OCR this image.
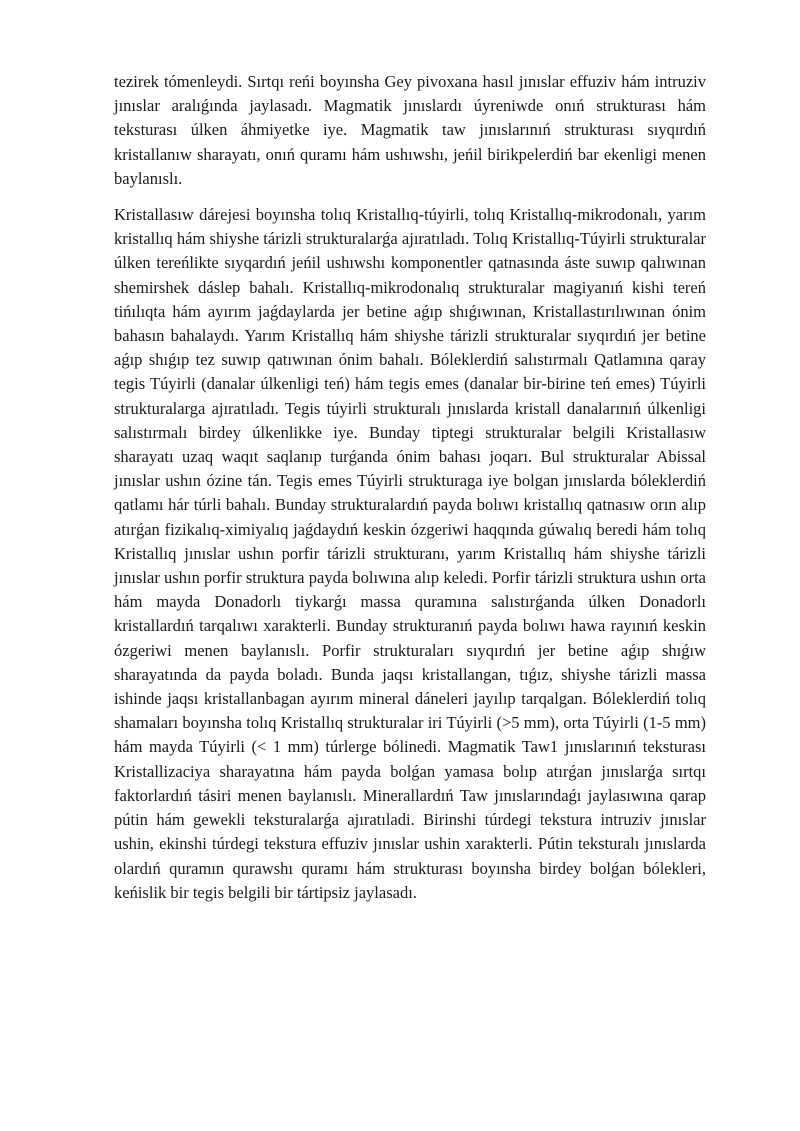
tezirek tómenleydi. Sırtqı reńi boyınsha Gey pivoxana hasıl jınıslar effuziv hám intruziv jınıslar aralıǵında jaylasadı. Magmatik jınıslardı úyreniwde onıń strukturası hám teksturası úlken áhmiyetke iye. Magmatik taw jınıslarınıń strukturası sıyqırdıń kristallanıw sharayatı, onıń quramı hám ushıwshı, jeńil birikpelerdiń bar ekenligi menen baylanıslı.

Kristallasıw dárejesi boyınsha tolıq Kristallıq-túyirli, tolıq Kristallıq-mikrodonalı, yarım kristallıq hám shiyshe tárizli strukturalarǵa ajıratıladı. Tolıq Kristallıq-Túyirli strukturalar úlken tereńlikte sıyqardıń jeńil ushıwshı komponentler qatnasında áste suwıp qalıwınan shemirshek dáslep bahalı. Kristallıq-mikrodonalıq strukturalar magiyanıń kishi tereń tińılıqta hám ayırım jaǵdaylarda jer betine aǵıp shıǵıwınan, Kristallastırılıwınan ónim bahasın bahalaydı. Yarım Kristallıq hám shiyshe tárizli strukturalar sıyqırdıń jer betine aǵıp shıǵıp tez suwıp qatıwınan ónim bahalı. Bóleklerdiń salıstırmalı Qatlamına qaray tegis Túyirli (danalar úlkenligi teń) hám tegis emes (danalar bir-birine teń emes) Túyirli strukturalarga ajıratıladı. Tegis túyirli strukturalı jınıslarda kristall danalarınıń úlkenligi salıstırmalı birdey úlkenlikke iye. Bunday tiptegi strukturalar belgili Kristallasıw sharayatı uzaq waqıt saqlanıp turǵanda ónim bahası joqarı. Bul strukturalar Abissal jınıslar ushın ózine tán. Tegis emes Túyirli strukturaga iye bolgan jınıslarda bóleklerdiń qatlamı hár túrli bahalı. Bunday strukturalardıń payda bolıwı kristallıq qatnasıw orın alıp atırǵan fizikalıq-ximiyalıq jaǵdaydıń keskin ózgeriwi haqqında gúwalıq beredi hám tolıq Kristallıq jınıslar ushın porfir tárizli strukturanı, yarım Kristallıq hám shiyshe tárizli jınıslar ushın porfir struktura payda bolıwına alıp keledi. Porfir tárizli struktura ushın orta hám mayda Donadorlı tiykarǵı massa quramına salıstırǵanda úlken Donadorlı kristallardıń tarqalıwı xarakterli. Bunday strukturanıń payda bolıwı hawa rayınıń keskin ózgeriwi menen baylanıslı. Porfir strukturaları sıyqırdıń jer betine aǵıp shıǵıw sharayatında da payda boladı. Bunda jaqsı kristallangan, tıǵız, shiyshe tárizli massa ishinde jaqsı kristallanbagan ayırım mineral dáneleri jayılıp tarqalgan. Bóleklerdiń tolıq shamaları boyınsha tolıq Kristallıq strukturalar iri Túyirli (>5 mm), orta Túyirli (1-5 mm) hám mayda Túyirli (< 1 mm) túrlerge bólinedi. Magmatik Taw1 jınıslarınıń teksturası Kristallizaciya sharayatına hám payda bolǵan yamasa bolıp atırǵan jınıslarǵa sırtqı faktorlardıń tásiri menen baylanıslı. Minerallardıń Taw jınıslarındaǵı jaylasıwına qarap pútin hám gewekli teksturalarǵa ajıratıladi. Birinshi túrdegi tekstura intruziv jınıslar ushin, ekinshi túrdegi tekstura effuziv jınıslar ushin xarakterli. Pútin teksturalı jınıslarda olardıń quramın qurawshı quramı hám strukturası boyınsha birdey bolǵan bólekleri, keńislik bir tegis belgili bir tártipsiz jaylasadı.
